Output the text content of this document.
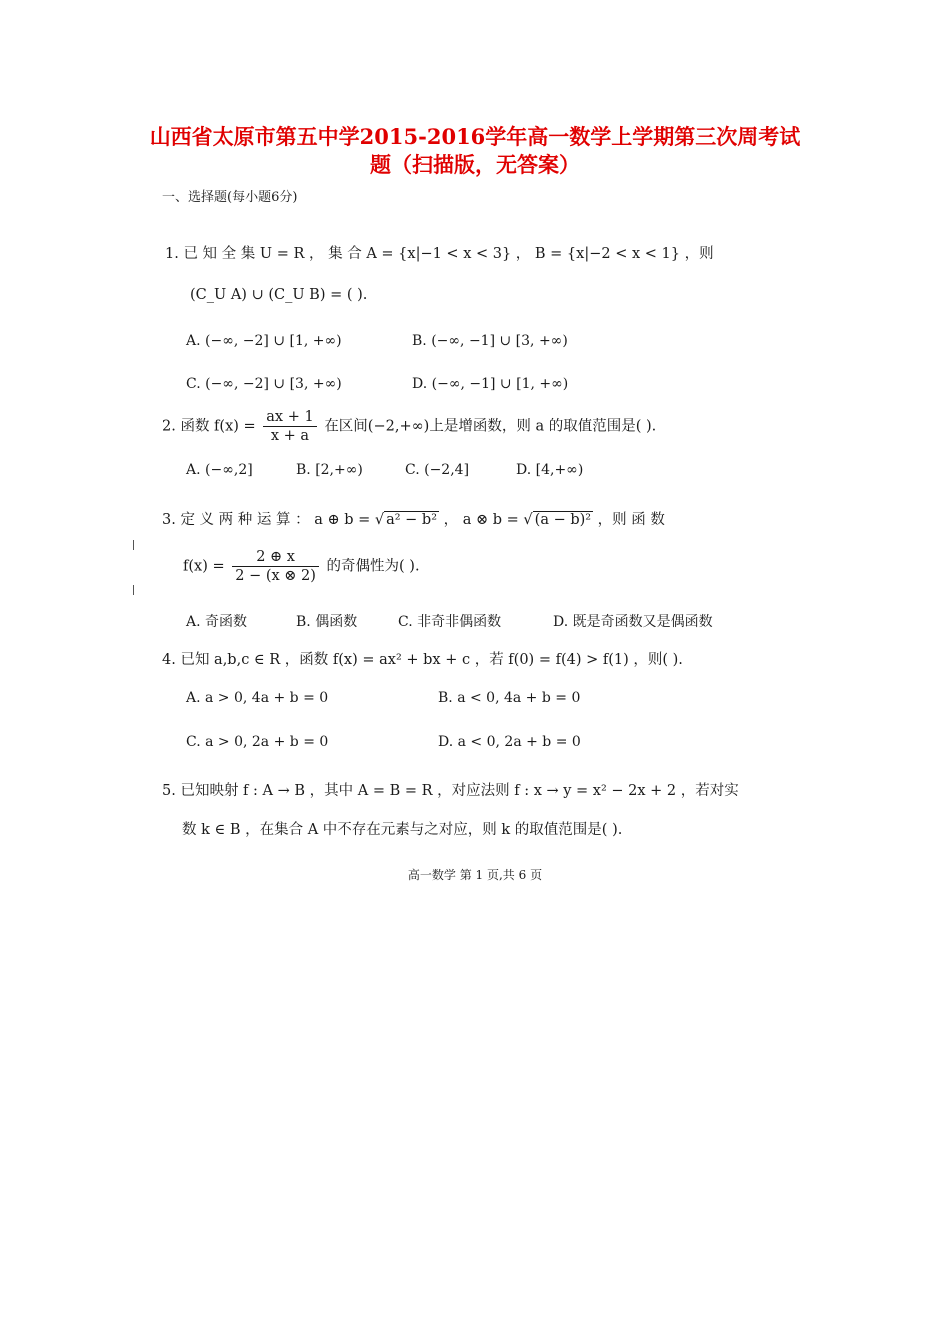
山西省太原市第五中学2015-2016学年高一数学上学期第三次周考试
题（扫描版，无答案）
一、选择题(每小题6分)
1. 已 知 全 集 U = R ， 集 合 A = {x|−1 < x < 3} ， B = {x|−2 < x < 1} ，则
(C_U A) ∪ (C_U B) = ( ).
A. (−∞, −2] ∪ [1, +∞)	B. (−∞, −1] ∪ [3, +∞)
C. (−∞, −2] ∪ [3, +∞)	D. (−∞, −1] ∪ [1, +∞)
2. 函数 $f(x) = \frac{ax + 1}{x + a}$ 在区间(−2,+∞)上是增函数，则 a 的取值范围是( ).
A. (−∞,2]	B. [2,+∞)	C. (−2,4]	D. [4,+∞)
3. 定 义 两 种 运 算 ： a ⊕ b = √ a² − b² ， a ⊗ b = √ (a − b)² ，则 函 数
$f(x) = \frac{2 \oplus x}{2 - (x \otimes 2)}$ 的奇偶性为( ).
A. 奇函数	B. 偶函数	C. 非奇非偶函数	D. 既是奇函数又是偶函数
4. 已知 a,b,c ∈ R ，函数 f(x) = ax² + bx + c ，若 f(0) = f(4) > f(1) ，则( ).
A. a > 0, 4a + b = 0	B. a < 0, 4a + b = 0
C. a > 0, 2a + b = 0	D. a < 0, 2a + b = 0
5. 已知映射 f : A → B ，其中 A = B = R ，对应法则 f : x → y = x² − 2x + 2 ，若对实
数 k ∈ B ，在集合 A 中不存在元素与之对应，则 k 的取值范围是( ).
高一数学 第 1 页,共 6 页
